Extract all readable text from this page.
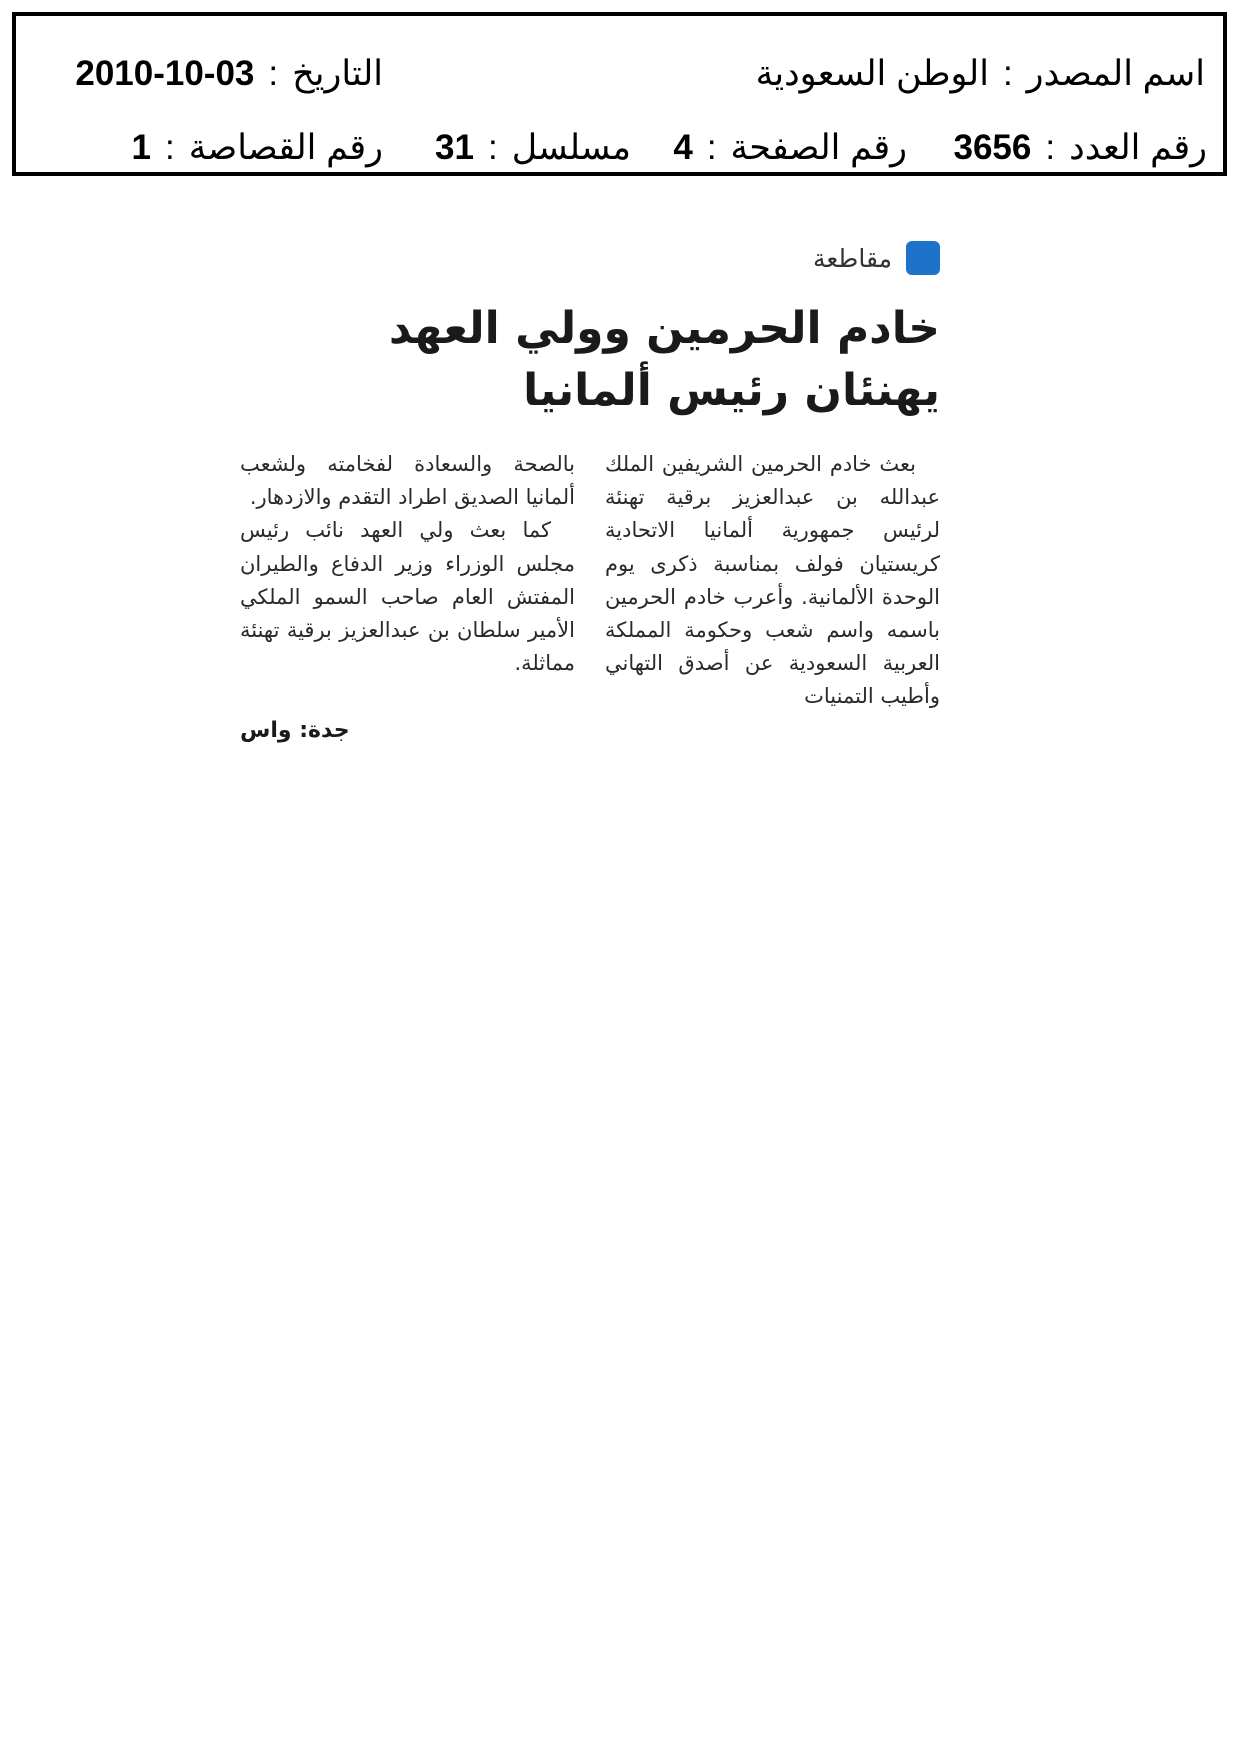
اسم المصدر:الوطن السعودية
التاريخ:2010-10-03
رقم العدد:3656
رقم الصفحة:4
مسلسل:31
رقم القصاصة:1
مقاطعة
خادم الحرمين وولي العهد يهنئان رئيس ألمانيا

بعث خادم الحرمين الشريفين الملك عبدالله بن عبدالعزيز برقية تهنئة لرئيس جمهورية ألمانيا الاتحادية كريستيان فولف بمناسبة ذكرى يوم الوحدة الألمانية. وأعرب خادم الحرمين باسمه واسم شعب وحكومة المملكة العربية السعودية عن أصدق التهاني وأطيب التمنيات

بالصحة والسعادة لفخامته ولشعب ألمانيا الصديق اطراد التقدم والازدهار.

كما بعث ولي العهد نائب رئيس مجلس الوزراء وزير الدفاع والطيران المفتش العام صاحب السمو الملكي الأمير سلطان بن عبدالعزيز برقية تهنئة مماثلة.

جدة: واس
